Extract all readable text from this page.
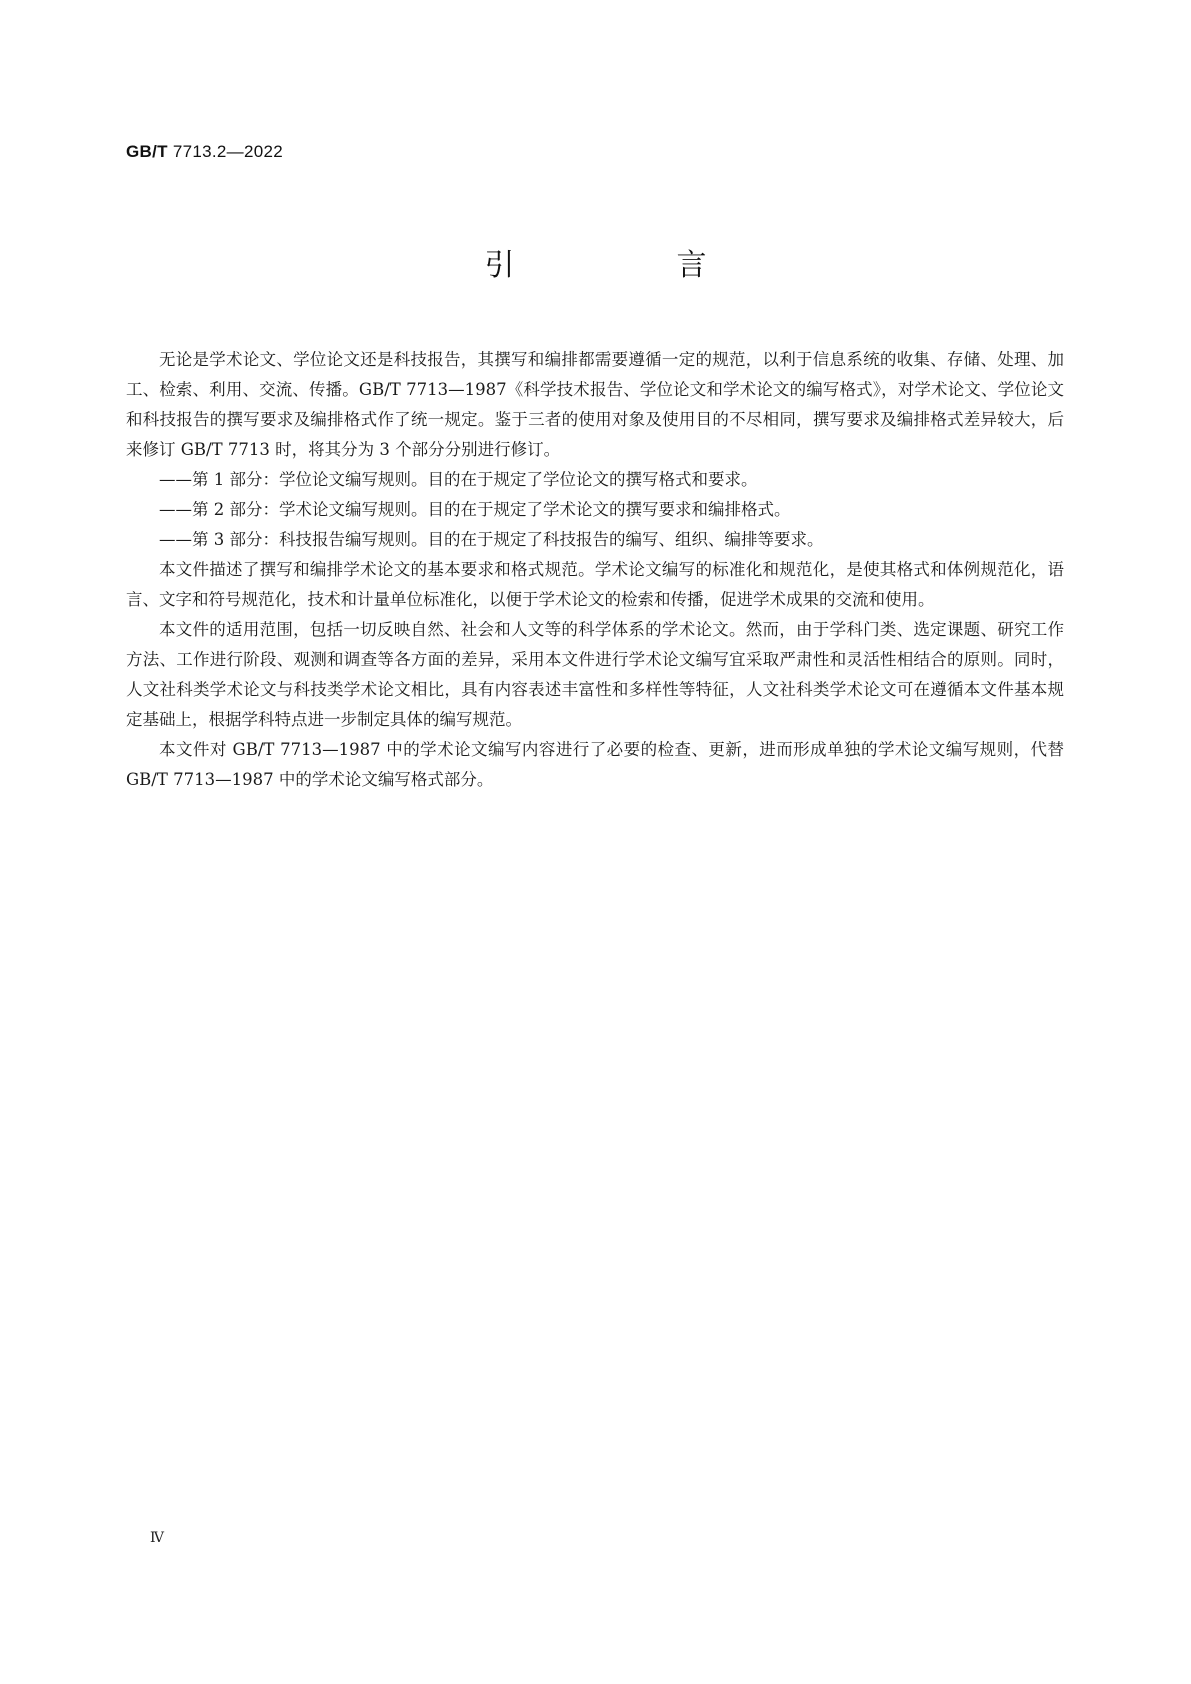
GB/T 7713.2—2022
引　言

无论是学术论文、学位论文还是科技报告，其撰写和编排都需要遵循一定的规范，以利于信息系统的收集、存储、处理、加工、检索、利用、交流、传播。GB/T 7713—1987《科学技术报告、学位论文和学术论文的编写格式》，对学术论文、学位论文和科技报告的撰写要求及编排格式作了统一规定。鉴于三者的使用对象及使用目的不尽相同，撰写要求及编排格式差异较大，后来修订 GB/T 7713 时，将其分为 3 个部分分别进行修订。

——第 1 部分：学位论文编写规则。目的在于规定了学位论文的撰写格式和要求。

——第 2 部分：学术论文编写规则。目的在于规定了学术论文的撰写要求和编排格式。

——第 3 部分：科技报告编写规则。目的在于规定了科技报告的编写、组织、编排等要求。

本文件描述了撰写和编排学术论文的基本要求和格式规范。学术论文编写的标准化和规范化，是使其格式和体例规范化，语言、文字和符号规范化，技术和计量单位标准化，以便于学术论文的检索和传播，促进学术成果的交流和使用。

本文件的适用范围，包括一切反映自然、社会和人文等的科学体系的学术论文。然而，由于学科门类、选定课题、研究工作方法、工作进行阶段、观测和调查等各方面的差异，采用本文件进行学术论文编写宜采取严肃性和灵活性相结合的原则。同时，人文社科类学术论文与科技类学术论文相比，具有内容表述丰富性和多样性等特征，人文社科类学术论文可在遵循本文件基本规定基础上，根据学科特点进一步制定具体的编写规范。

本文件对 GB/T 7713—1987 中的学术论文编写内容进行了必要的检查、更新，进而形成单独的学术论文编写规则，代替 GB/T 7713—1987 中的学术论文编写格式部分。

Ⅳ
